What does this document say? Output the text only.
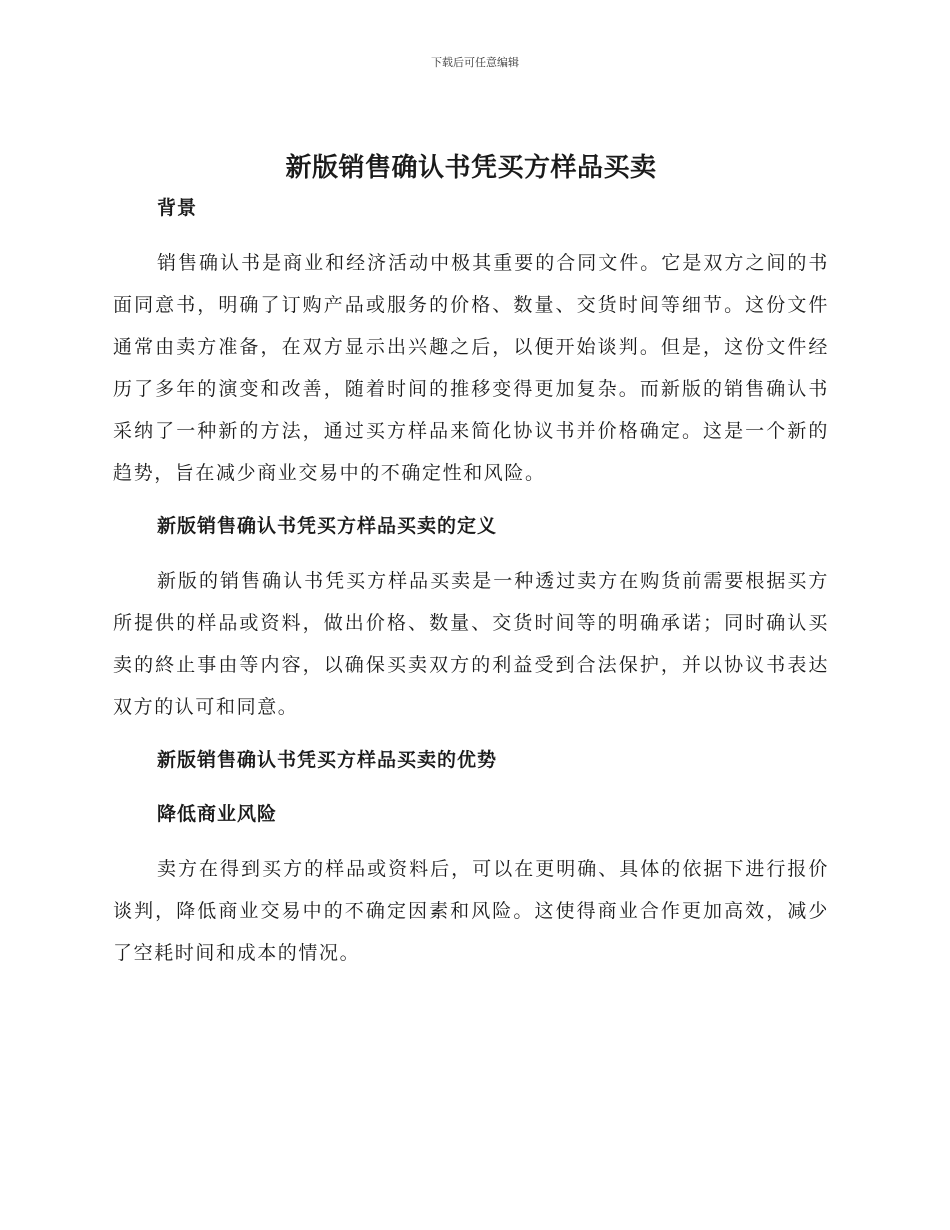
下载后可任意编辑
新版销售确认书凭买方样品买卖
背景

销售确认书是商业和经济活动中极其重要的合同文件。它是双方之间的书面同意书，明确了订购产品或服务的价格、数量、交货时间等细节。这份文件通常由卖方准备，在双方显示出兴趣之后，以便开始谈判。但是，这份文件经历了多年的演变和改善，随着时间的推移变得更加复杂。而新版的销售确认书采纳了一种新的方法，通过买方样品来简化协议书并价格确定。这是一个新的趋势，旨在减少商业交易中的不确定性和风险。

新版销售确认书凭买方样品买卖的定义

新版的销售确认书凭买方样品买卖是一种透过卖方在购货前需要根据买方所提供的样品或资料，做出价格、数量、交货时间等的明确承诺；同时确认买卖的終止事由等内容，以确保买卖双方的利益受到合法保护，并以协议书表达双方的认可和同意。

新版销售确认书凭买方样品买卖的优势
降低商业风险

卖方在得到买方的样品或资料后，可以在更明确、具体的依据下进行报价谈判，降低商业交易中的不确定因素和风险。这使得商业合作更加高效，减少了空耗时间和成本的情况。
